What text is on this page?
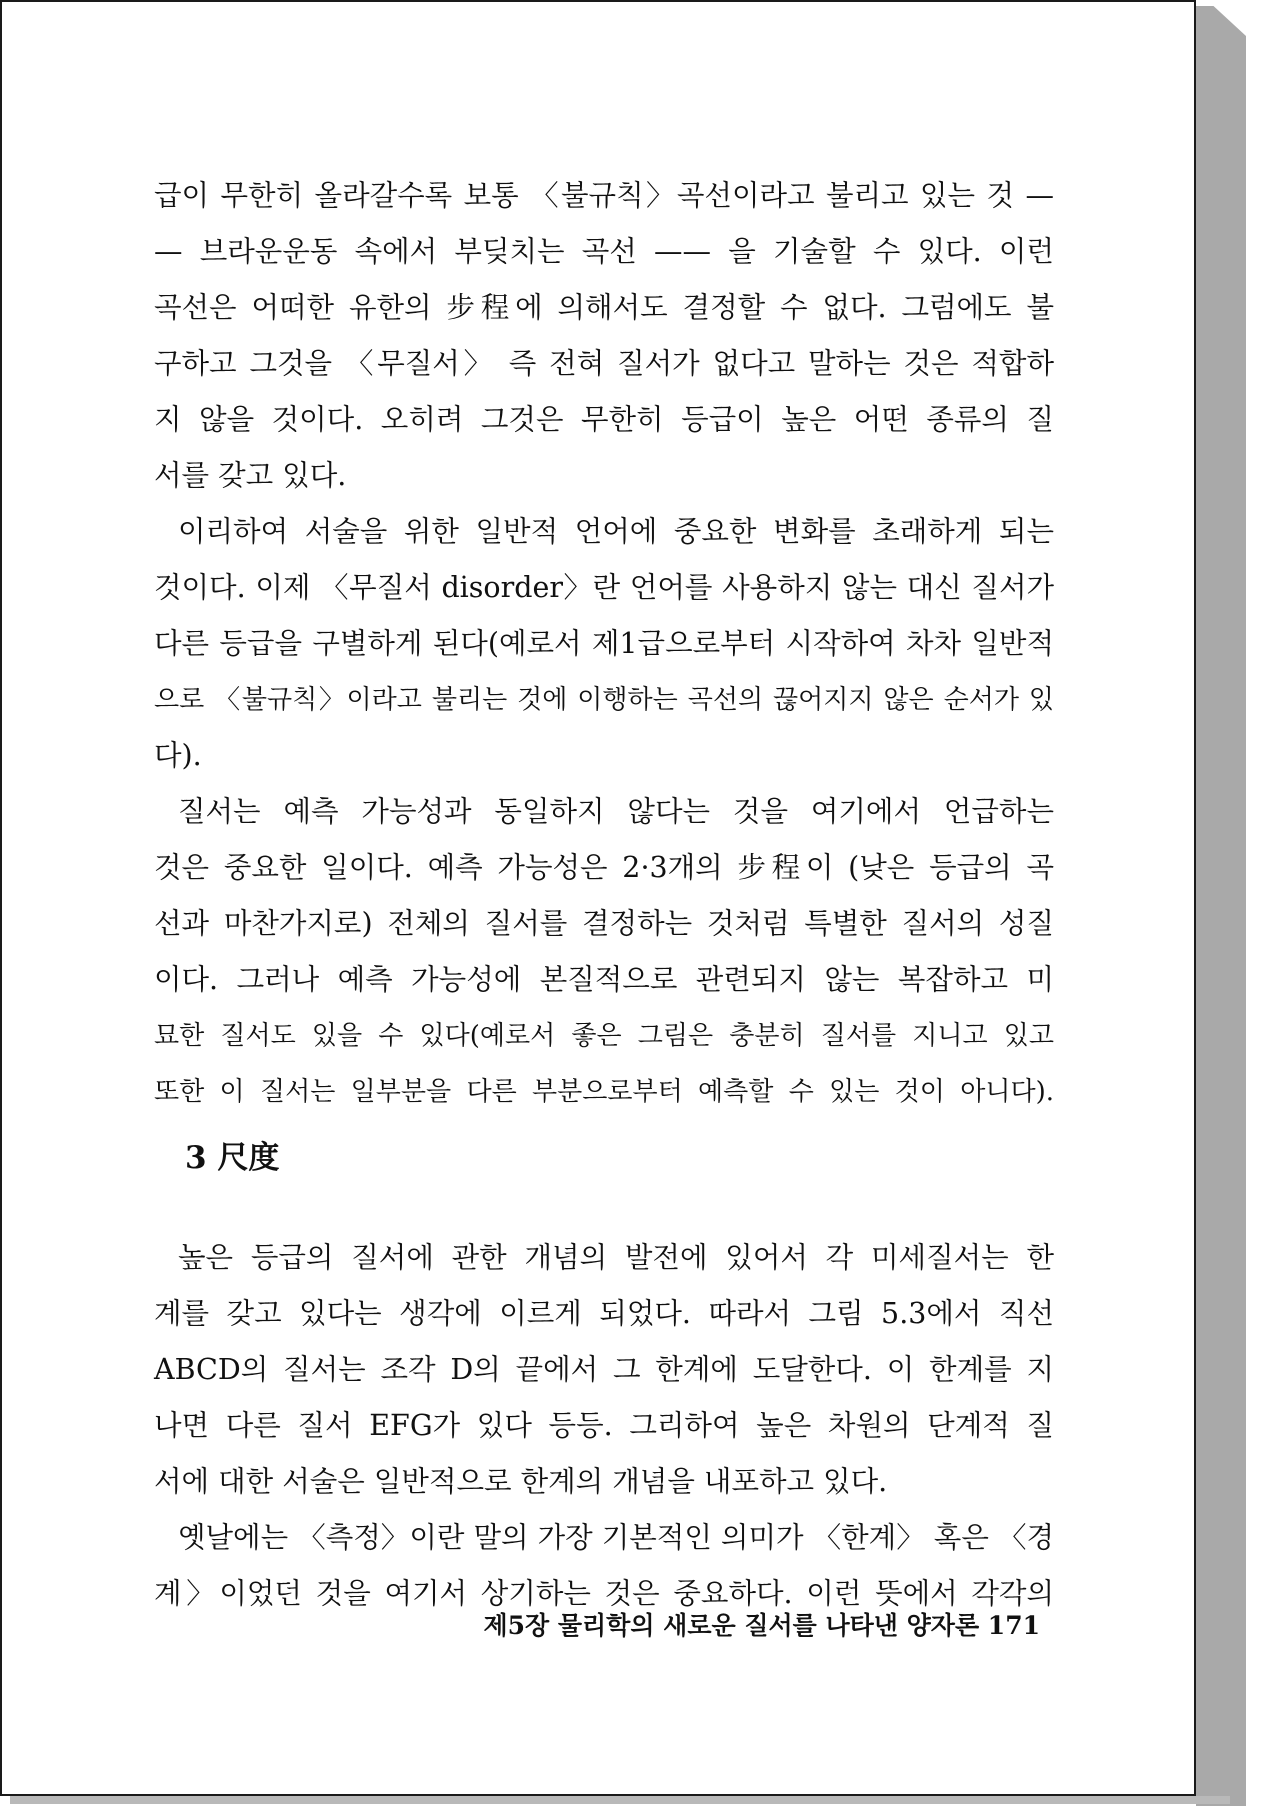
급이 무한히 올라갈수록 보통 〈불규칙〉곡선이라고 불리고 있는 것 —
— 브라운운동 속에서 부딪치는 곡선 —— 을 기술할 수 있다. 이런
곡선은 어떠한 유한의 步程에 의해서도 결정할 수 없다. 그럼에도 불
구하고 그것을 〈무질서〉 즉 전혀 질서가 없다고 말하는 것은 적합하
지 않을 것이다. 오히려 그것은 무한히 등급이 높은 어떤 종류의 질
서를 갖고 있다.
이리하여 서술을 위한 일반적 언어에 중요한 변화를 초래하게 되는
것이다. 이제 〈무질서 disorder〉란 언어를 사용하지 않는 대신 질서가
다른 등급을 구별하게 된다(예로서 제1급으로부터 시작하여 차차 일반적
으로 〈불규칙〉이라고 불리는 것에 이행하는 곡선의 끊어지지 않은 순서가 있
다).
질서는 예측 가능성과 동일하지 않다는 것을 여기에서 언급하는
것은 중요한 일이다. 예측 가능성은 2·3개의 步程이 (낮은 등급의 곡
선과 마찬가지로) 전체의 질서를 결정하는 것처럼 특별한 질서의 성질
이다. 그러나 예측 가능성에 본질적으로 관련되지 않는 복잡하고 미
묘한 질서도 있을 수 있다(예로서 좋은 그림은 충분히 질서를 지니고 있고
또한 이 질서는 일부분을 다른 부분으로부터 예측할 수 있는 것이 아니다).
3 尺度
높은 등급의 질서에 관한 개념의 발전에 있어서 각 미세질서는 한
계를 갖고 있다는 생각에 이르게 되었다. 따라서 그림 5.3에서 직선
ABCD의 질서는 조각 D의 끝에서 그 한계에 도달한다. 이 한계를 지
나면 다른 질서 EFG가 있다 등등. 그리하여 높은 차원의 단계적 질
서에 대한 서술은 일반적으로 한계의 개념을 내포하고 있다.
옛날에는 〈측정〉이란 말의 가장 기본적인 의미가 〈한계〉 혹은 〈경
계〉이었던 것을 여기서 상기하는 것은 중요하다. 이런 뜻에서 각각의
제5장 물리학의 새로운 질서를 나타낸 양자론 171
